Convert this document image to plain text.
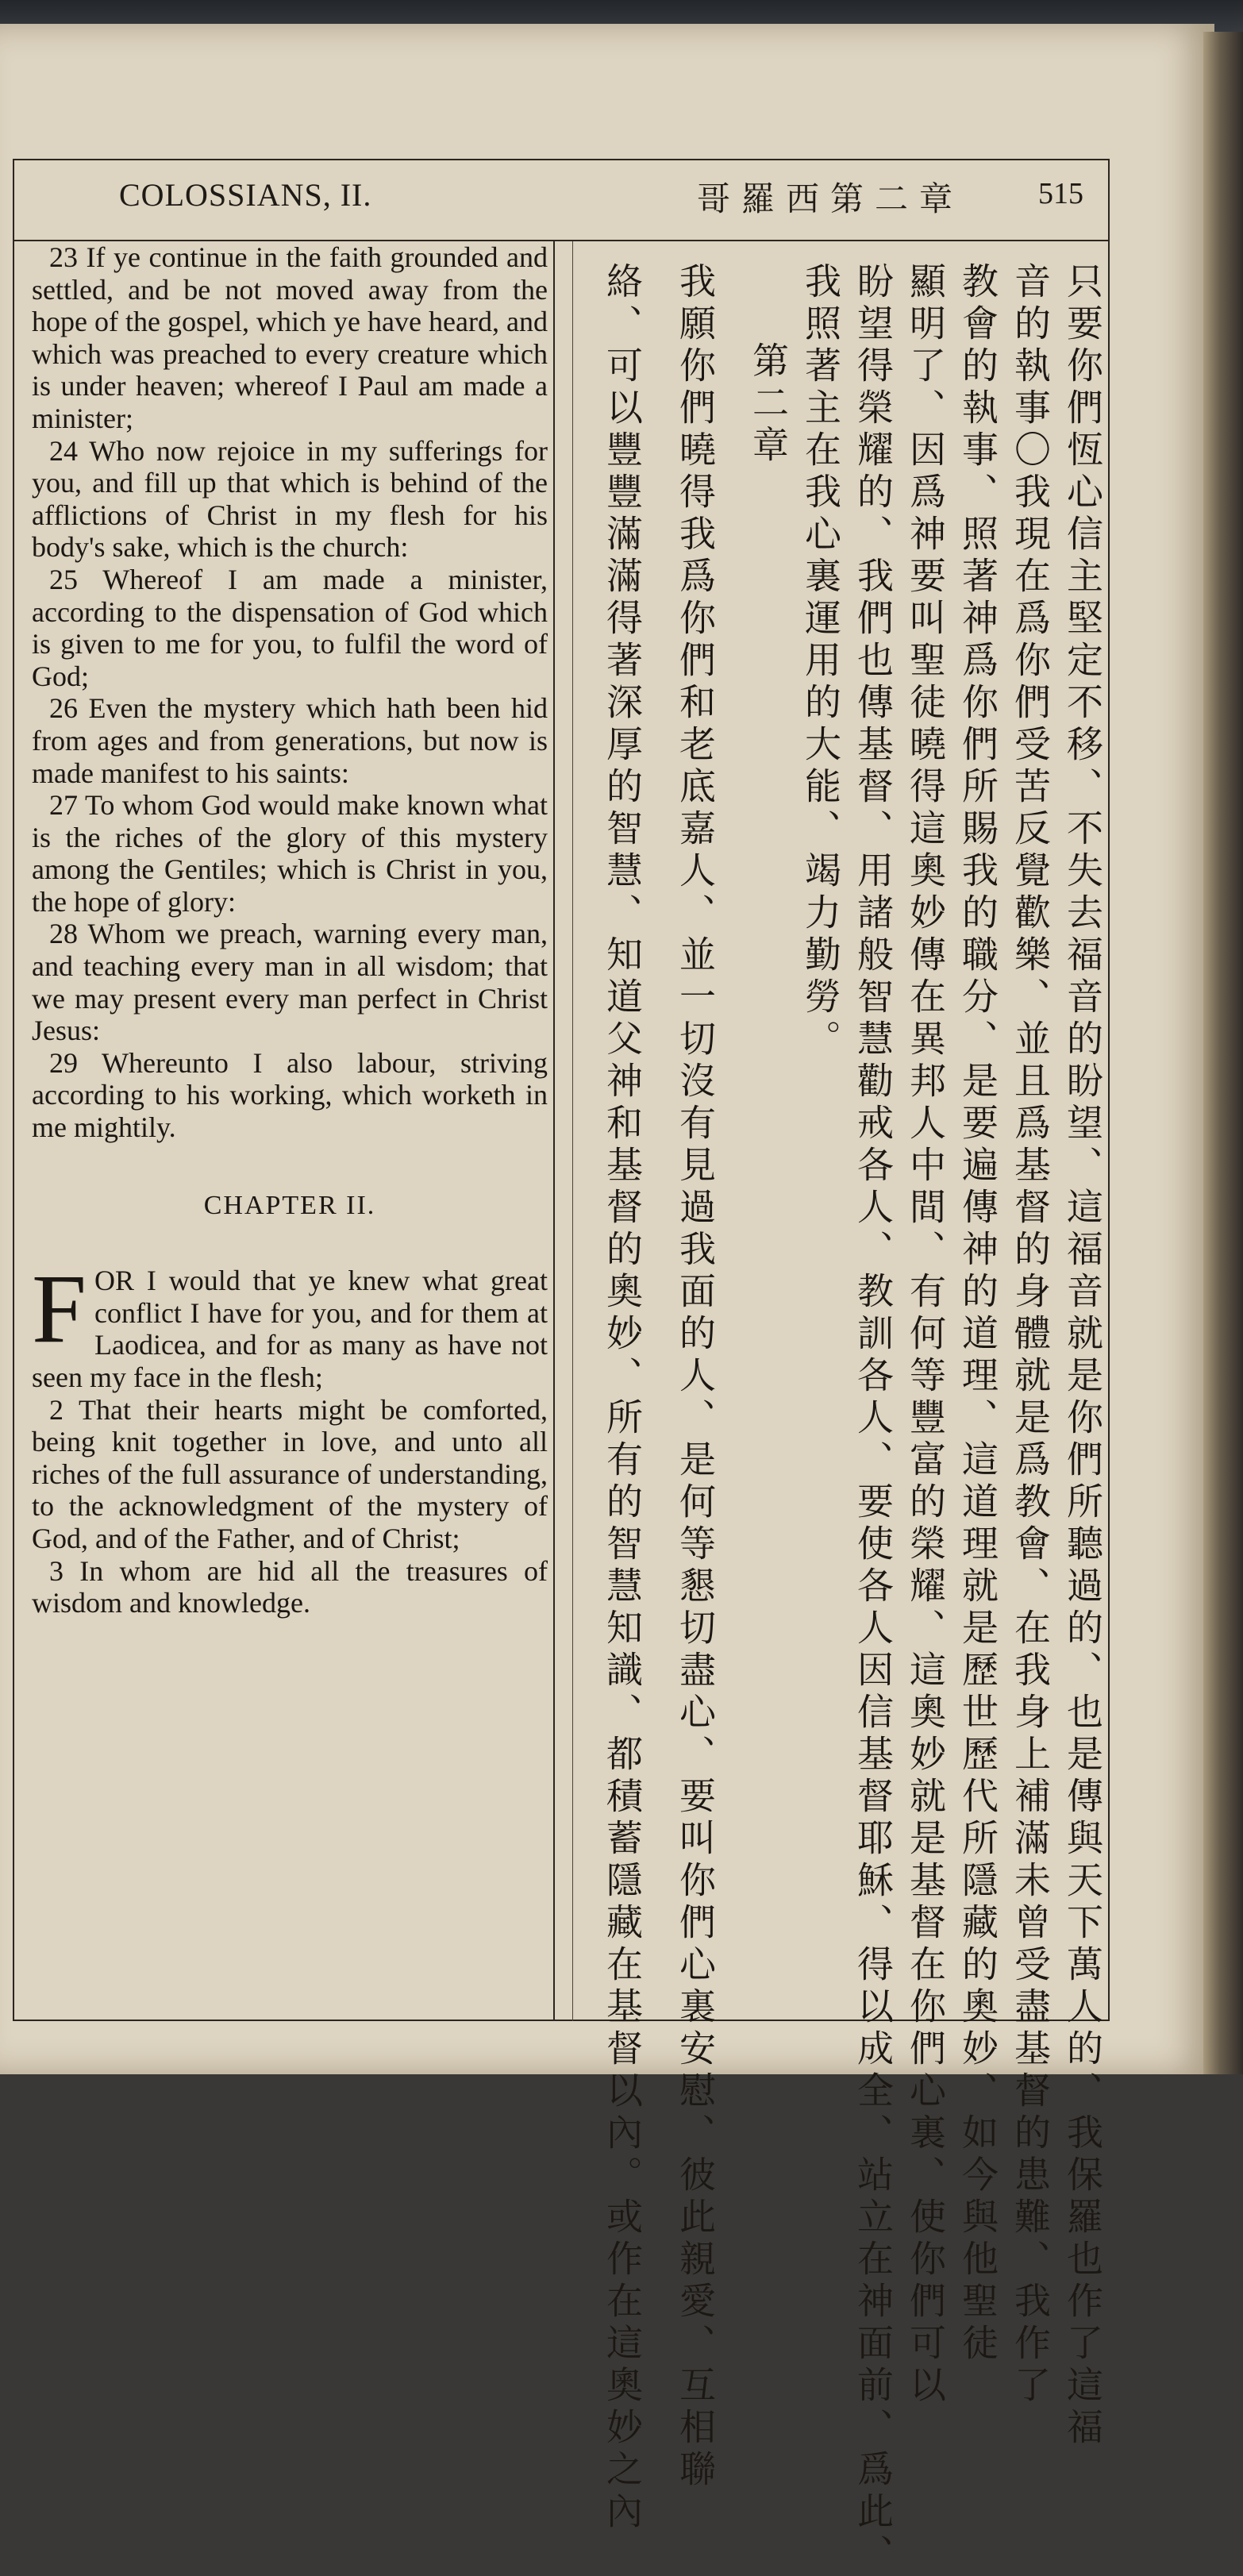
COLOSSIANS, II.	哥羅西第二章 515

23 If ye continue in the faith grounded and settled, and be not moved away from the hope of the gospel, which ye have heard, and which was preached to every creature which is under heaven; whereof I Paul am made a minister;

24 Who now rejoice in my sufferings for you, and fill up that which is behind of the afflictions of Christ in my flesh for his body's sake, which is the church:

25 Whereof I am made a minister, according to the dispensation of God which is given to me for you, to fulfil the word of God;

26 Even the mystery which hath been hid from ages and from generations, but now is made manifest to his saints:

27 To whom God would make known what is the riches of the glory of this mystery among the Gentiles; which is Christ in you, the hope of glory:

28 Whom we preach, warning every man, and teaching every man in all wisdom; that we may present every man perfect in Christ Jesus:

29 Whereunto I also labour, striving according to his working, which worketh in me mightily.

CHAPTER II.

FOR I would that ye knew what great conflict I have for you, and for them at Laodicea, and for as many as have not seen my face in the flesh;

2 That their hearts might be comforted, being knit together in love, and unto all riches of the full assurance of understanding, to the acknowledgment of the mystery of God, and of the Father, and of Christ;

3 In whom are hid all the treasures of wisdom and knowledge.	只要你們恆心信主堅定不移、不失去福音的盼望、這福音就是你們所聽過的、也是傳與天下萬人的、我保羅也作了這福
音的執事〇我現在爲你們受苦反覺歡樂、並且爲基督的身體就是爲教會、在我身上補滿未曾受盡基督的患難、我作了
教會的執事、照著神爲你們所賜我的職分、是要遍傳神的道理、這道理就是歷世歷代所隱藏的奧妙、如今與他聖徒
顯明了、因爲神要叫聖徒曉得這奧妙傳在異邦人中間、有何等豐富的榮耀、這奧妙就是基督在你們心裏、使你們可以
盼望得榮耀的、我們也傳基督、用諸般智慧勸戒各人、教訓各人、要使各人因信基督耶穌、得以成全、站立在神面前、爲此、
我照著主在我心裏運用的大能、竭力勤勞。
第二章
我願你們曉得我爲你們和老底嘉人、並一切沒有見過我面的人、是何等懇切盡心、要叫你們心裏安慰、彼此親愛、互相聯
絡、可以豐豐滿滿得著深厚的智慧、知道父神和基督的奧妙、所有的智慧知識、都積蓄隱藏在基督以內。或作在這奧妙之內
